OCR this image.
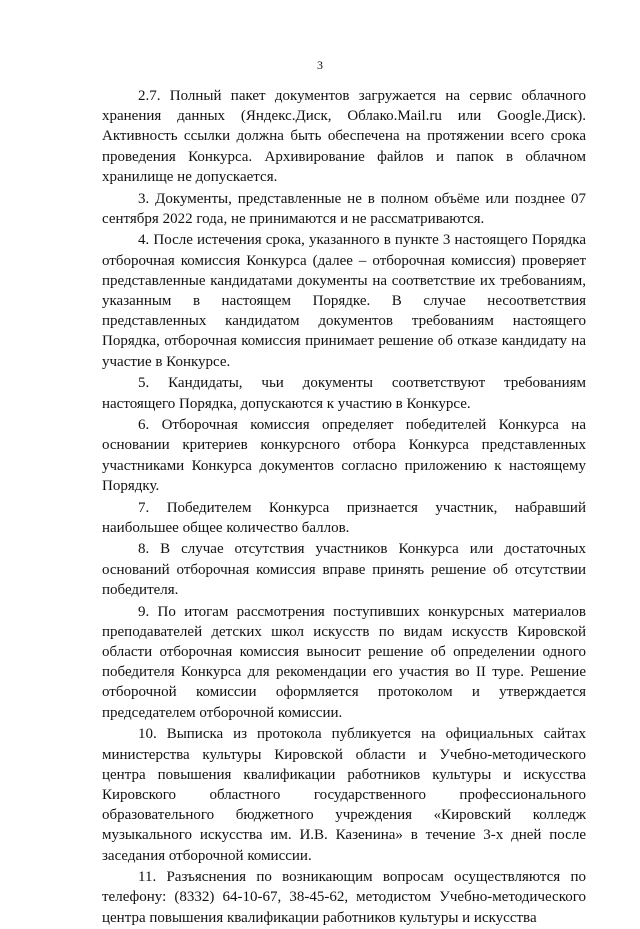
3

2.7. Полный пакет документов загружается на сервис облачного хранения данных (Яндекс.Диск, Облако.Mail.ru или Google.Диск). Активность ссылки должна быть обеспечена на протяжении всего срока проведения Конкурса. Архивирование файлов и папок в облачном хранилище не допускается.

3. Документы, представленные не в полном объёме или позднее 07 сентября 2022 года, не принимаются и не рассматриваются.

4. После истечения срока, указанного в пункте 3 настоящего Порядка отборочная комиссия Конкурса (далее – отборочная комиссия) проверяет представленные кандидатами документы на соответствие их требованиям, указанным в настоящем Порядке. В случае несоответствия представленных кандидатом документов требованиям настоящего Порядка, отборочная комиссия принимает решение об отказе кандидату на участие в Конкурсе.

5. Кандидаты, чьи документы соответствуют требованиям настоящего Порядка, допускаются к участию в Конкурсе.

6. Отборочная комиссия определяет победителей Конкурса на основании критериев конкурсного отбора Конкурса представленных участниками Конкурса документов согласно приложению к настоящему Порядку.

7. Победителем Конкурса признается участник, набравший наибольшее общее количество баллов.

8. В случае отсутствия участников Конкурса или достаточных оснований отборочная комиссия вправе принять решение об отсутствии победителя.

9. По итогам рассмотрения поступивших конкурсных материалов преподавателей детских школ искусств по видам искусств Кировской области отборочная комиссия выносит решение об определении одного победителя Конкурса для рекомендации его участия во II туре. Решение отборочной комиссии оформляется протоколом и утверждается председателем отборочной комиссии.

10. Выписка из протокола публикуется на официальных сайтах министерства культуры Кировской области и Учебно-методического центра повышения квалификации работников культуры и искусства Кировского областного государственного профессионального образовательного бюджетного учреждения «Кировский колледж музыкального искусства им. И.В. Казенина» в течение 3-х дней после заседания отборочной комиссии.

11. Разъяснения по возникающим вопросам осуществляются по телефону: (8332) 64-10-67, 38-45-62, методистом Учебно-методического центра повышения квалификации работников культуры и искусства
